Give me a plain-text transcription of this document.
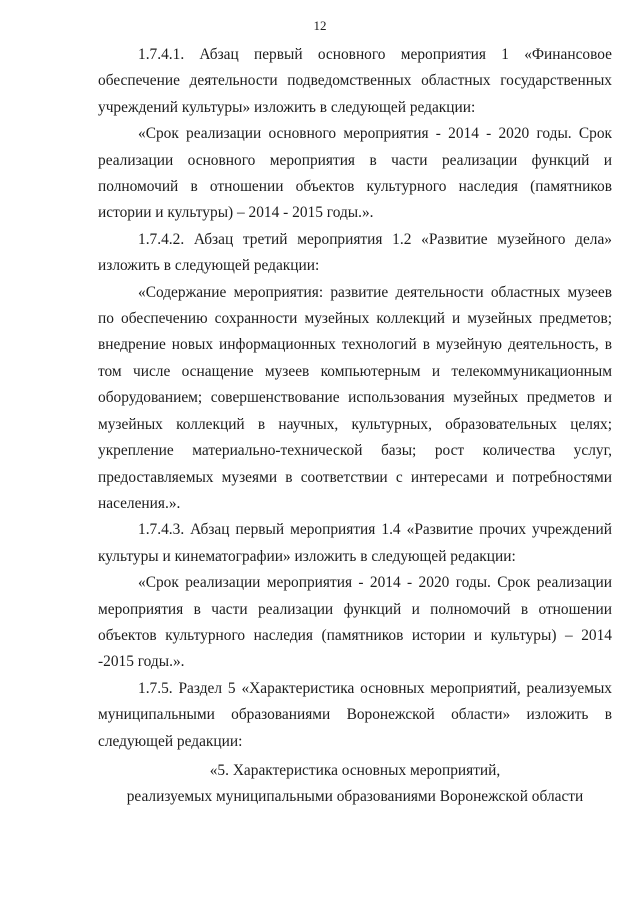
12

1.7.4.1. Абзац первый основного мероприятия 1 «Финансовое обеспечение деятельности подведомственных областных государственных учреждений культуры» изложить в следующей редакции:

«Срок реализации основного мероприятия - 2014 - 2020 годы. Срок реализации основного мероприятия в части реализации функций и полномочий в отношении объектов культурного наследия (памятников истории и культуры) – 2014 - 2015 годы.».

1.7.4.2. Абзац третий мероприятия 1.2 «Развитие музейного дела» изложить в следующей редакции:

«Содержание мероприятия: развитие деятельности областных музеев по обеспечению сохранности музейных коллекций и музейных предметов; внедрение новых информационных технологий в музейную деятельность, в том числе оснащение музеев компьютерным и телекоммуникационным оборудованием; совершенствование использования музейных предметов и музейных коллекций в научных, культурных, образовательных целях; укрепление материально-технической базы; рост количества услуг, предоставляемых музеями в соответствии с интересами и потребностями населения.».

1.7.4.3. Абзац первый мероприятия 1.4 «Развитие прочих учреждений культуры и кинематографии» изложить в следующей редакции:

«Срок реализации мероприятия - 2014 - 2020 годы. Срок реализации мероприятия в части реализации функций и полномочий в отношении объектов культурного наследия (памятников истории и культуры) – 2014 -2015 годы.».

1.7.5. Раздел 5 «Характеристика основных мероприятий, реализуемых муниципальными образованиями Воронежской области» изложить в следующей редакции:

«5. Характеристика основных мероприятий,
реализуемых муниципальными образованиями Воронежской области
